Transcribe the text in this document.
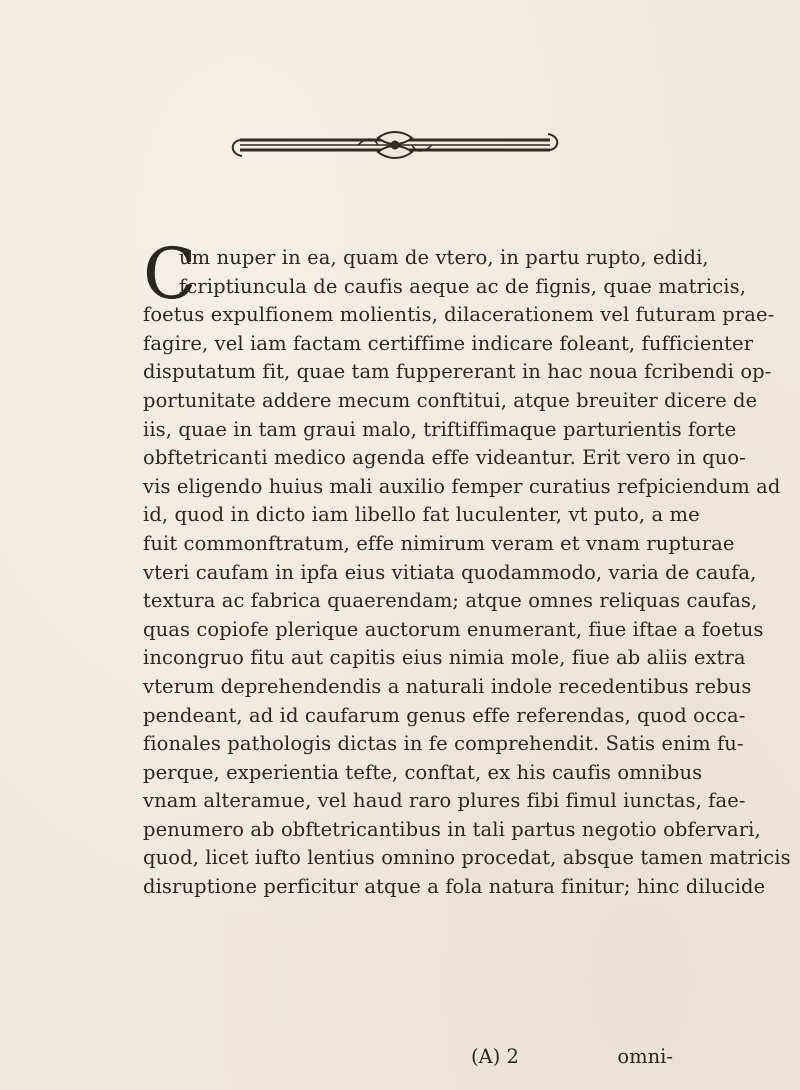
C
um nuper in ea, quam de vtero, in partu rupto, edidi,
fcriptiuncula de caufis aeque ac de fignis, quae matricis,
foetus expulfionem molientis, dilacerationem vel futuram prae-
fagire, vel iam factam certiffime indicare foleant, fufficienter
disputatum fit, quae tam fuppererant in hac noua fcribendi op-
portunitate addere mecum conftitui, atque breuiter dicere de
iis, quae in tam graui malo, triftiffimaque parturientis forte
obftetricanti medico agenda effe videantur. Erit vero in quo-
vis eligendo huius mali auxilio femper curatius refpiciendum ad
id, quod in dicto iam libello fat luculenter, vt puto, a me
fuit commonftratum, effe nimirum veram et vnam rupturae
vteri caufam in ipfa eius vitiata quodammodo, varia de caufa,
textura ac fabrica quaerendam; atque omnes reliquas caufas,
quas copiofe plerique auctorum enumerant, fiue iftae a foetus
incongruo fitu aut capitis eius nimia mole, fiue ab aliis extra
vterum deprehendendis a naturali indole recedentibus rebus
pendeant, ad id caufarum genus effe referendas, quod occa-
fionales pathologis dictas in fe comprehendit. Satis enim fu-
perque, experientia tefte, conftat, ex his caufis omnibus
vnam alteramue, vel haud raro plures fibi fimul iunctas, fae-
penumero ab obftetricantibus in tali partus negotio obfervari,
quod, licet iufto lentius omnino procedat, absque tamen matricis
disruptione perficitur atque a fola natura finitur; hinc dilucide
(A) 2	omni-
